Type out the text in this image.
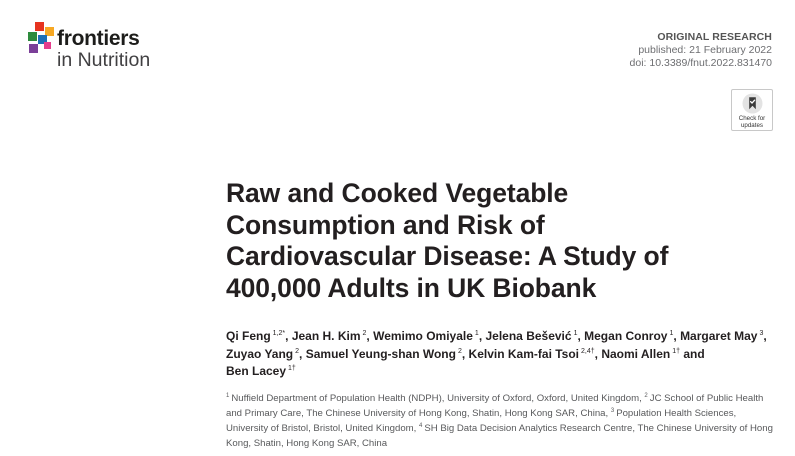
frontiers
in Nutrition
ORIGINAL RESEARCH
published: 21 February 2022
doi: 10.3389/fnut.2022.831470
Check for
updates
Raw and Cooked Vegetable
Consumption and Risk of
Cardiovascular Disease: A Study of
400,000 Adults in UK Biobank
Qi Feng $^{1,2*}$, Jean H. Kim $^2$, Wemimo Omiyale $^1$, Jelena Bešević $^1$, Megan Conroy $^1$, Margaret May $^3$, Zuyao Yang $^2$, Samuel Yeung-shan Wong $^2$, Kelvin Kam-fai Tsoi $^{2,4\dagger}$, Naomi Allen $^{1\dagger}$ and Ben Lacey $^{1\dagger}$
$^1$ Nuffield Department of Population Health (NDPH), University of Oxford, Oxford, United Kingdom, $^2$ JC School of Public Health and Primary Care, The Chinese University of Hong Kong, Shatin, Hong Kong SAR, China, $^3$ Population Health Sciences, University of Bristol, Bristol, United Kingdom, $^4$ SH Big Data Decision Analytics Research Centre, The Chinese University of Hong Kong, Shatin, Hong Kong SAR, China
